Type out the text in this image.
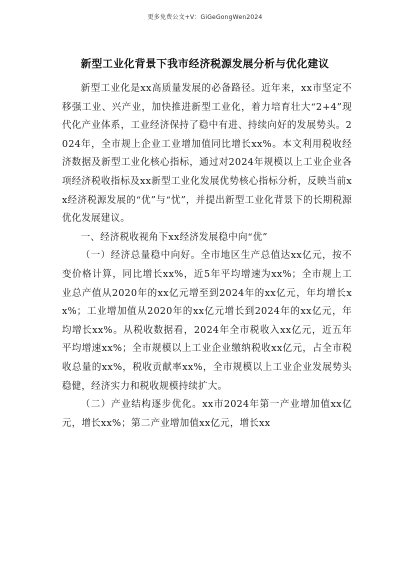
更多免费公文+V：GiGeGongWen2024
新型工业化背景下我市经济税源发展分析与优化建议

新型工业化是xx高质量发展的必备路径。近年来，xx市坚定不移强工业、兴产业，加快推进新型工业化，着力培育壮大“2+4”现代化产业体系，工业经济保持了稳中有进、持续向好的发展势头。2024年，全市规上企业工业增加值同比增长xx%。本文利用税收经济数据及新型工业化核心指标，通过对2024年规模以上工业企业各项经济税收指标及xx新型工业化发展优势核心指标分析，反映当前xx经济税源发展的“优”与“忧”，并提出新型工业化背景下的长期税源优化发展建议。

一、经济税收视角下xx经济发展稳中向“优”

（一）经济总量稳中向好。全市地区生产总值达xx亿元，按不变价格计算，同比增长xx%，近5年平均增速为xx%；全市规上工业总产值从2020年的xx亿元增至到2024年的xx亿元，年均增长xx%；工业增加值从2020年的xx亿元增长到2024年的xx亿元，年均增长xx%。从税收数据看，2024年全市税收入xx亿元，近五年平均增速xx%；全市规模以上工业企业缴纳税收xx亿元，占全市税收总量的xx%，税收贡献率xx%，全市规模以上工业企业发展势头稳健，经济实力和税收规模持续扩大。

（二）产业结构逐步优化。xx市2024年第一产业增加值xx亿元，增长xx%；第二产业增加值xx亿元，增长xx
